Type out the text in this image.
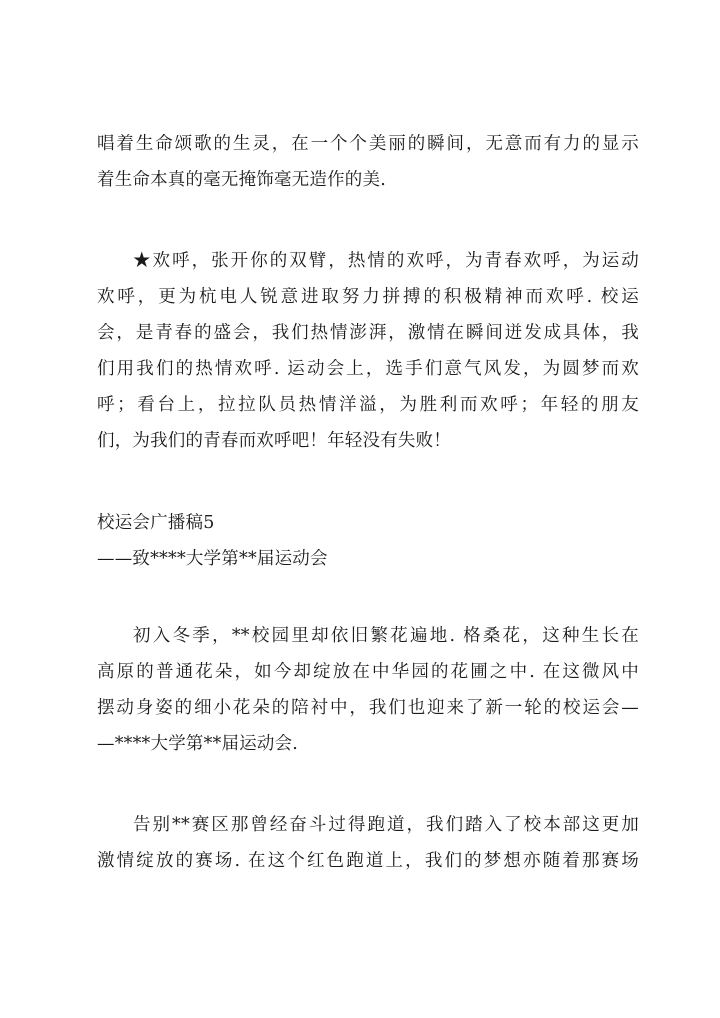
唱着生命颂歌的生灵，在一个个美丽的瞬间，无意而有力的显示
着生命本真的毫无掩饰毫无造作的美.
★欢呼，张开你的双臂，热情的欢呼，为青春欢呼，为运动
欢呼，更为杭电人锐意进取努力拼搏的积极精神而欢呼. 校运
会，是青春的盛会，我们热情澎湃，激情在瞬间迸发成具体，我
们用我们的热情欢呼. 运动会上，选手们意气风发，为圆梦而欢
呼；看台上，拉拉队员热情洋溢，为胜利而欢呼；年轻的朋友
们，为我们的青春而欢呼吧！年轻没有失败！
校运会广播稿5
——致****大学第**届运动会
初入冬季，**校园里却依旧繁花遍地. 格桑花，这种生长在
高原的普通花朵，如今却绽放在中华园的花圃之中. 在这微风中
摆动身姿的细小花朵的陪衬中，我们也迎来了新一轮的校运会—
—****大学第**届运动会.
告别**赛区那曾经奋斗过得跑道，我们踏入了校本部这更加
激情绽放的赛场. 在这个红色跑道上，我们的梦想亦随着那赛场
